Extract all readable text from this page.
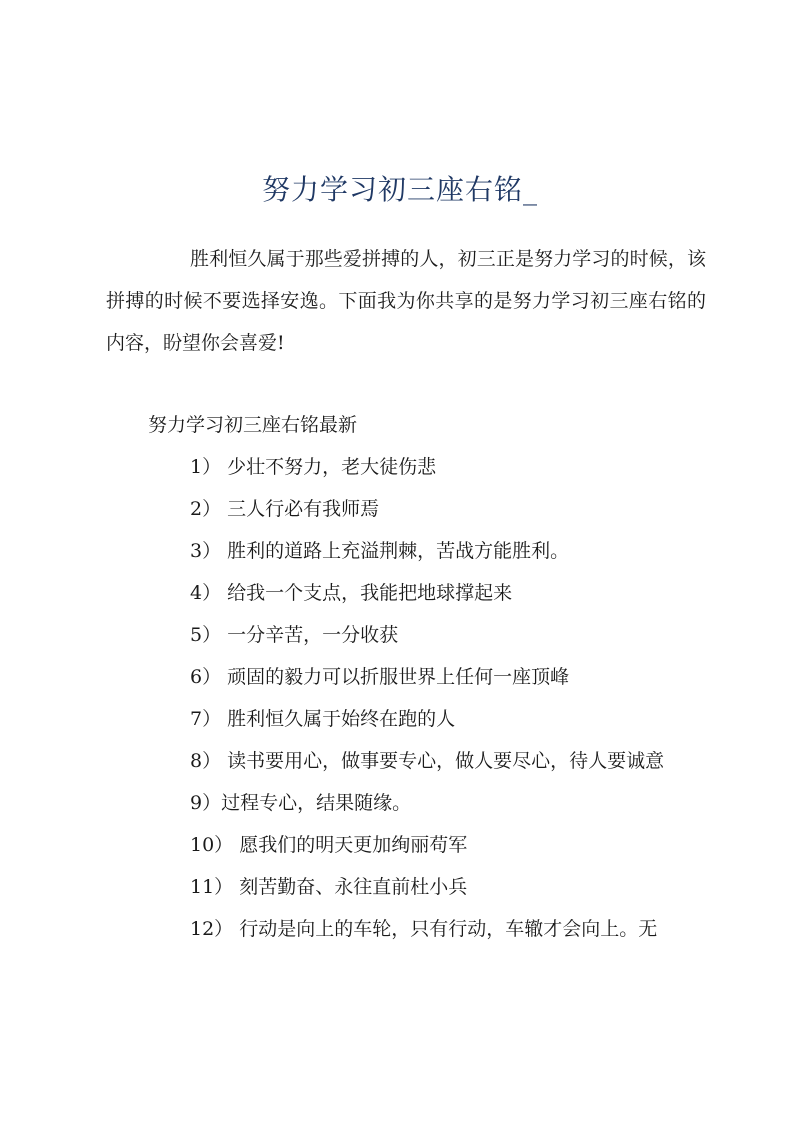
努力学习初三座右铭_
胜利恒久属于那些爱拼搏的人，初三正是努力学习的时候，该拼搏的时候不要选择安逸。下面我为你共享的是努力学习初三座右铭的内容，盼望你会喜爱!
努力学习初三座右铭最新
1） 少壮不努力，老大徒伤悲
2） 三人行必有我师焉
3） 胜利的道路上充溢荆棘，苦战方能胜利。
4） 给我一个支点，我能把地球撑起来
5） 一分辛苦，一分收获
6） 顽固的毅力可以折服世界上任何一座顶峰
7） 胜利恒久属于始终在跑的人
8） 读书要用心，做事要专心，做人要尽心，待人要诚意
9）过程专心，结果随缘。
10） 愿我们的明天更加绚丽苟军
11） 刻苦勤奋、永往直前杜小兵
12） 行动是向上的车轮，只有行动，车辙才会向上。无
